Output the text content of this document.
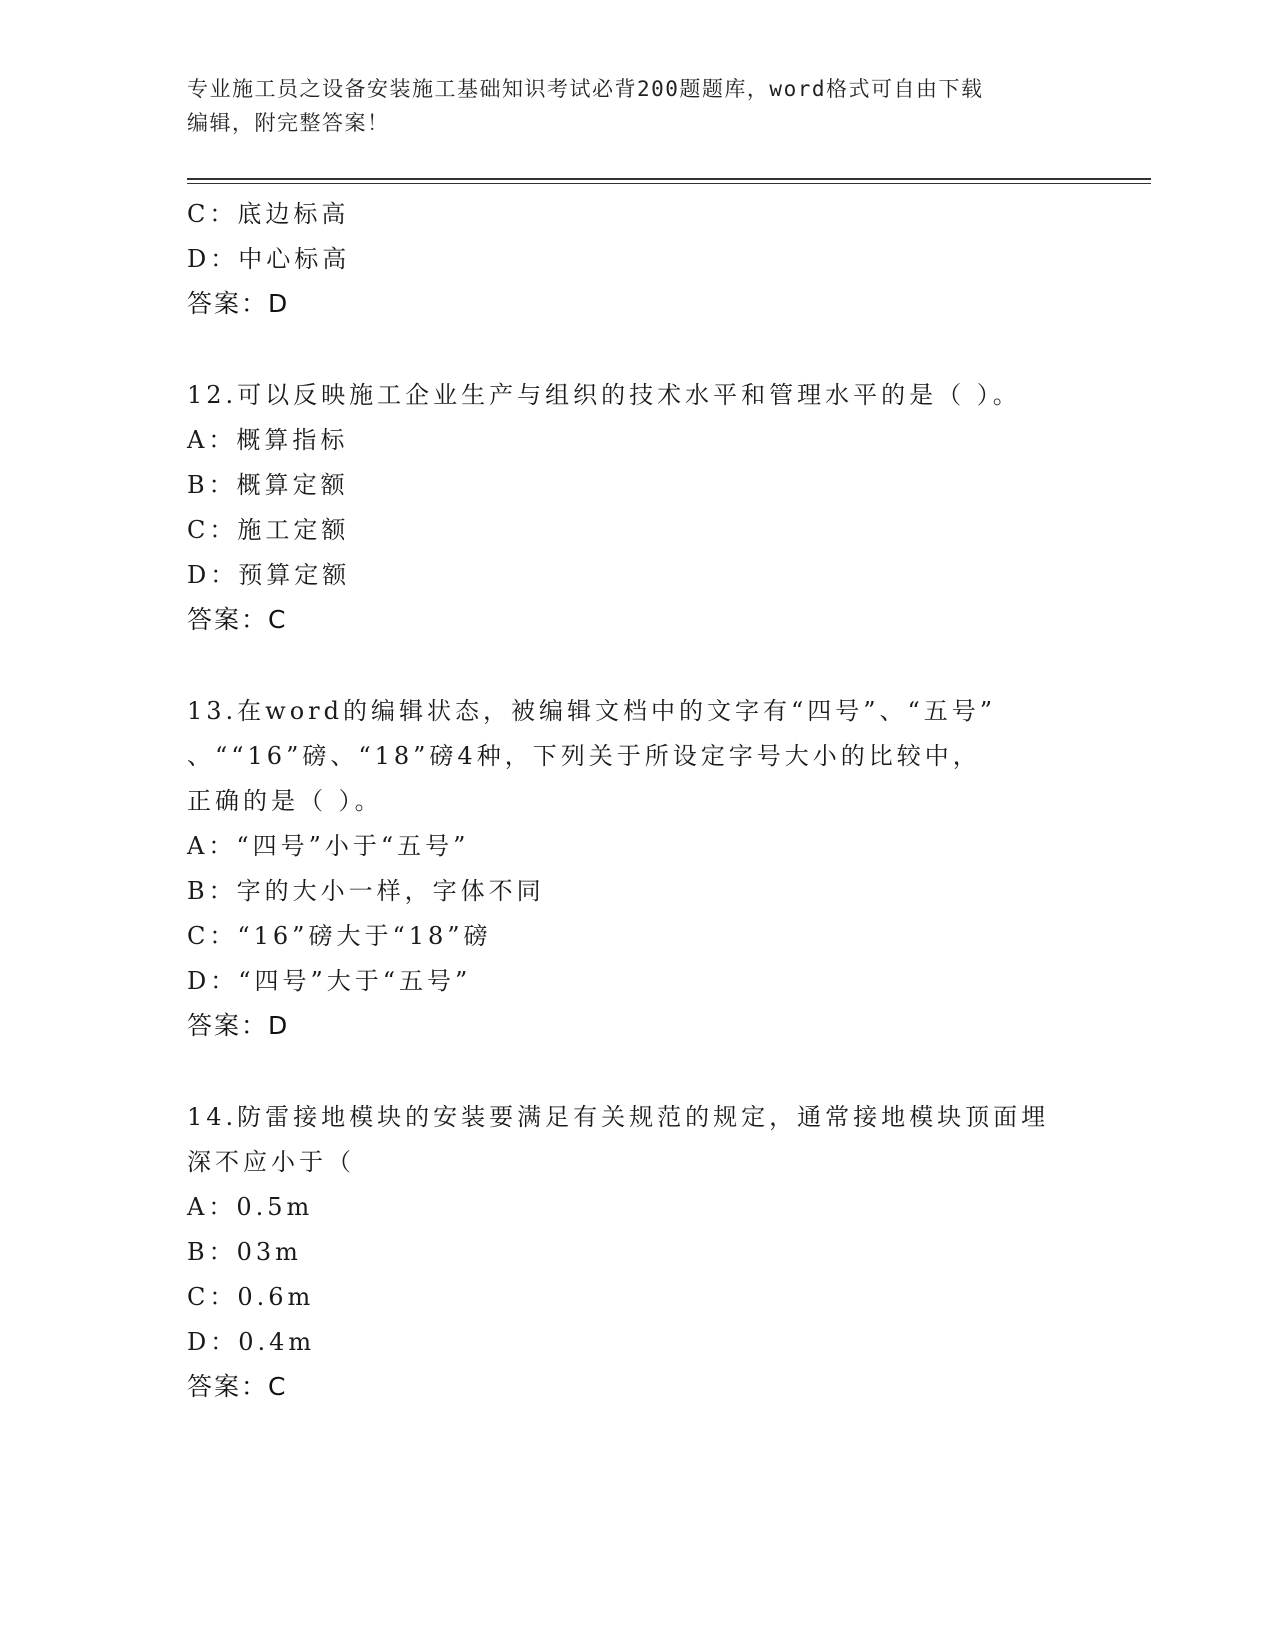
专业施工员之设备安装施工基础知识考试必背200题题库，word格式可自由下载
编辑，附完整答案！
C：底边标高
D：中心标高
答案：D
12.可以反映施工企业生产与组织的技术水平和管理水平的是（ ）。
A：概算指标
B：概算定额
C：施工定额
D：预算定额
答案：C
13.在word的编辑状态，被编辑文档中的文字有“四号”、“五号”
、““16”磅、“18”磅4种，下列关于所设定字号大小的比较中，
正确的是（ ）。
A：“四号”小于“五号”
B：字的大小一样，字体不同
C：“16”磅大于“18”磅
D：“四号”大于“五号”
答案：D
14.防雷接地模块的安装要满足有关规范的规定，通常接地模块顶面埋
深不应小于（
A：0.5m
B：03m
C：0.6m
D：0.4m
答案：C
